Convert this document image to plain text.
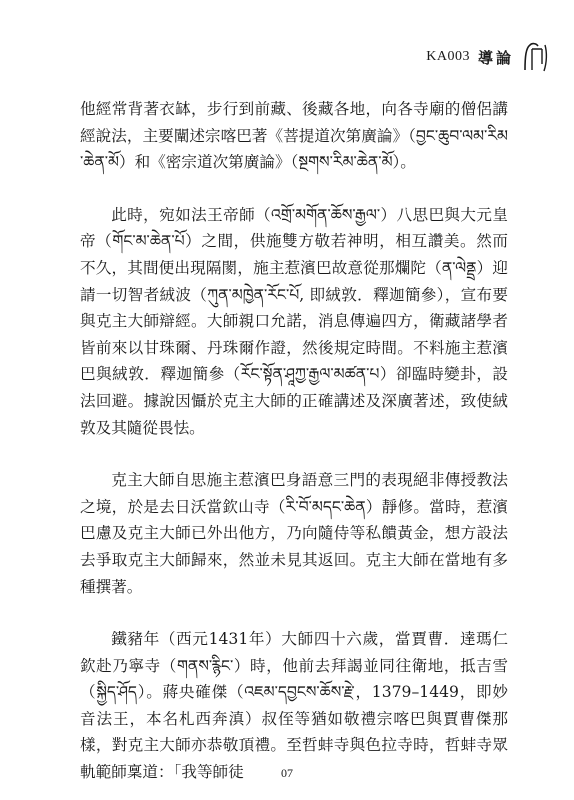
KA003 導論

他經常背著衣缽，步行到前藏、後藏各地，向各寺廟的僧侶講經說法，主要闡述宗喀巴著《菩提道次第廣論》（བྱང་ཆུབ་ལམ་རིམ་ཆེན་མོ）和《密宗道次第廣論》（སྔགས་རིམ་ཆེན་མོ）。

此時，宛如法王帝師（འགྲོ་མགོན་ཆོས་རྒྱལ་）八思巴與大元皇帝（གོང་མ་ཆེན་པོ）之間，供施雙方敬若神明，相互讚美。然而不久，其間便出現隔閡，施主惹濱巴故意從那爛陀（ན་ལེནྡྲ）迎請一切智者絨波（ཀུན་མཁྱེན་རོང་པོ, 即絨敦．釋迦簡參），宣布要與克主大師辯經。大師親口允諾，消息傳遍四方，衛藏諸學者皆前來以甘珠爾、丹珠爾作證，然後規定時間。不料施主惹濱巴與絨敦．釋迦簡參（རོང་སྟོན་ཤཱཀྱ་རྒྱལ་མཚན་པ）卻臨時變卦，設法回避。據說因懾於克主大師的正確講述及深廣著述，致使絨敦及其隨從畏怯。

克主大師自思施主惹濱巴身語意三門的表現絕非傳授教法之境，於是去日沃當欽山寺（རི་བོ་མདང་ཆེན）靜修。當時，惹濱巴慮及克主大師已外出他方，乃向隨侍等私饋黃金，想方設法去爭取克主大師歸來，然並未見其返回。克主大師在當地有多種撰著。

鐵豬年（西元1431年）大師四十六歲，當賈曹．達瑪仁欽赴乃寧寺（གནས་རྙིང་）時，他前去拜謁並同往衛地，抵吉雪（སྐྱིད་ཤོད）。蔣央確傑（འཇམ་དབྱངས་ཆོས་རྗེ་，1379–1449，即妙音法王，本名札西奔滇）叔侄等猶如敬禮宗喀巴與賈曹傑那樣，對克主大師亦恭敬頂禮。至哲蚌寺與色拉寺時，哲蚌寺眾軌範師稟道：「我等師徒	07
